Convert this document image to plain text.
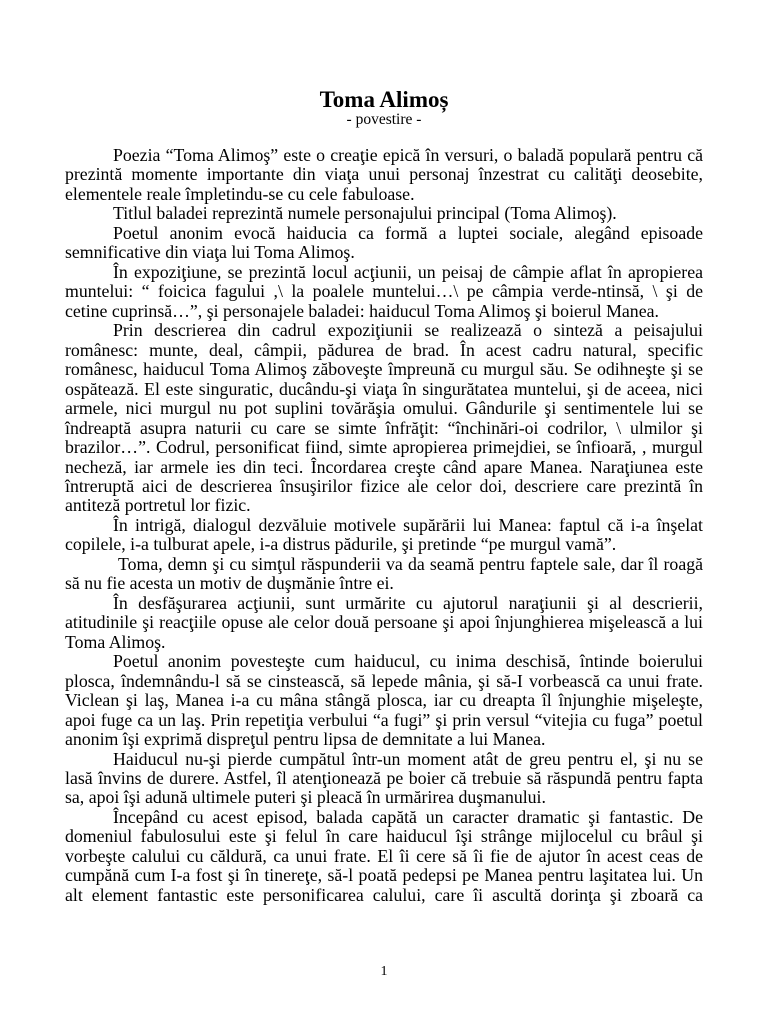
Toma Alimoș
- povestire -
Poezia “Toma Alimoş” este o creaţie epică în versuri, o baladă populară pentru că
prezintă momente importante din viaţa unui personaj înzestrat cu calităţi deosebite,
elementele reale împletindu-se cu cele fabuloase.
Titlul baladei reprezintă numele personajului principal (Toma Alimoş).
Poetul anonim evocă haiducia ca formă a luptei sociale, alegând episoade
semnificative din viaţa lui Toma Alimoş.
În expoziţiune, se prezintă locul acţiunii, un peisaj de câmpie aflat în apropierea
muntelui: “ foicica fagului ,\ la poalele muntelui…\ pe câmpia verde-ntinsă, \ şi de
cetine cuprinsă…”, şi personajele baladei: haiducul Toma Alimoş şi boierul Manea.
Prin descrierea din cadrul expoziţiunii se realizează o sinteză a peisajului
românesc: munte, deal, câmpii, pădurea de brad. În acest cadru natural, specific
românesc, haiducul Toma Alimoş zăboveşte împreună cu murgul său. Se odihneşte şi se
ospătează. El este singuratic, ducându-şi viaţa în singurătatea muntelui, şi de aceea, nici
armele, nici murgul nu pot suplini tovărăşia omului. Gândurile şi sentimentele lui se
îndreaptă asupra naturii cu care se simte înfrăţit: “închinări-oi codrilor, \ ulmilor şi
brazilor…”. Codrul, personificat fiind, simte apropierea primejdiei, se înfioară, , murgul
necheză, iar armele ies din teci. Încordarea creşte când apare Manea. Naraţiunea este
întreruptă aici de descrierea însuşirilor fizice ale celor doi, descriere care prezintă în
antiteză portretul lor fizic.
În intrigă, dialogul dezvăluie motivele supărării lui Manea: faptul că i-a înşelat
copilele, i-a tulburat apele, i-a distrus pădurile, şi pretinde “pe murgul vamă”.
Toma, demn şi cu simţul răspunderii va da seamă pentru faptele sale, dar îl roagă
să nu fie acesta un motiv de duşmănie între ei.
În desfăşurarea acţiunii, sunt urmărite cu ajutorul naraţiunii şi al descrierii,
atitudinile şi reacţiile opuse ale celor două persoane şi apoi înjunghierea mişelească a lui
Toma Alimoş.
Poetul anonim povesteşte cum haiducul, cu inima deschisă, întinde boierului
plosca, îndemnându-l să se cinstească, să lepede mânia, şi să-I vorbească ca unui frate.
Viclean şi laş, Manea i-a cu mâna stângă plosca, iar cu dreapta îl înjunghie mişeleşte,
apoi fuge ca un laş. Prin repetiţia verbului “a fugi” şi prin versul “vitejia cu fuga” poetul
anonim îşi exprimă dispreţul pentru lipsa de demnitate a lui Manea.
Haiducul nu-şi pierde cumpătul într-un moment atât de greu pentru el, şi nu se
lasă învins de durere. Astfel, îl atenţionează pe boier că trebuie să răspundă pentru fapta
sa, apoi îşi adună ultimele puteri şi pleacă în urmărirea duşmanului.
Începând cu acest episod, balada capătă un caracter dramatic şi fantastic. De
domeniul fabulosului este şi felul în care haiducul îşi strânge mijlocelul cu brâul şi
vorbeşte calului cu căldură, ca unui frate. El îi cere să îi fie de ajutor în acest ceas de
cumpănă cum I-a fost şi în tinereţe, să-l poată pedepsi pe Manea pentru laşitatea lui. Un
alt element fantastic este personificarea calului, care îi ascultă dorinţa şi zboară ca
1
